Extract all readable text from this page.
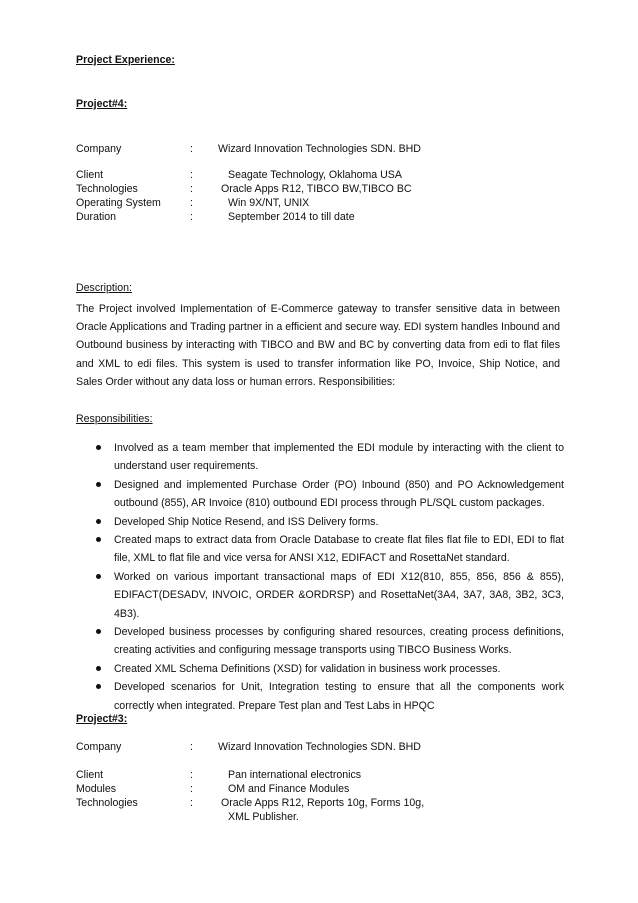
Project Experience:
Project#4:
Company	: Wizard Innovation Technologies SDN. BHD
Client	:	Seagate Technology, Oklahoma USA
Technologies	:	Oracle Apps R12, TIBCO BW,TIBCO BC
Operating System	:	Win 9X/NT, UNIX
Duration	:	September 2014 to till date
Description:
The Project involved Implementation of E-Commerce gateway to transfer sensitive data in between Oracle Applications and Trading partner in a efficient and secure way. EDI system handles Inbound and Outbound business by interacting with TIBCO and BW and BC by converting data from edi to flat files and XML to edi files. This system is used to transfer information like PO, Invoice, Ship Notice, and Sales Order without any data loss or human errors. Responsibilities:
Responsibilities:
Involved as a team member that implemented the EDI module by interacting with the client to understand user requirements.
Designed and implemented Purchase Order (PO) Inbound (850) and PO Acknowledgement outbound (855), AR Invoice (810) outbound EDI process through PL/SQL custom packages.
Developed Ship Notice Resend, and ISS Delivery forms.
Created maps to extract data from Oracle Database to create flat files flat file to EDI, EDI to flat file, XML to flat file and vice versa for ANSI X12, EDIFACT and RosettaNet standard.
Worked on various important transactional maps of EDI X12(810, 855, 856, 856 & 855), EDIFACT(DESADV, INVOIC, ORDER &ORDRSP) and RosettaNet(3A4, 3A7, 3A8, 3B2, 3C3, 4B3).
Developed business processes by configuring shared resources, creating process definitions, creating activities and configuring message transports using TIBCO Business Works.
Created XML Schema Definitions (XSD) for validation in business work processes.
Developed scenarios for Unit, Integration testing to ensure that all the components work correctly when integrated. Prepare Test plan and Test Labs in HPQC
Project#3:
Company	: Wizard Innovation Technologies SDN. BHD
Client	:	Pan international electronics
Modules	:	OM and Finance Modules
Technologies	:	Oracle Apps R12, Reports 10g, Forms 10g,
XML Publisher.
